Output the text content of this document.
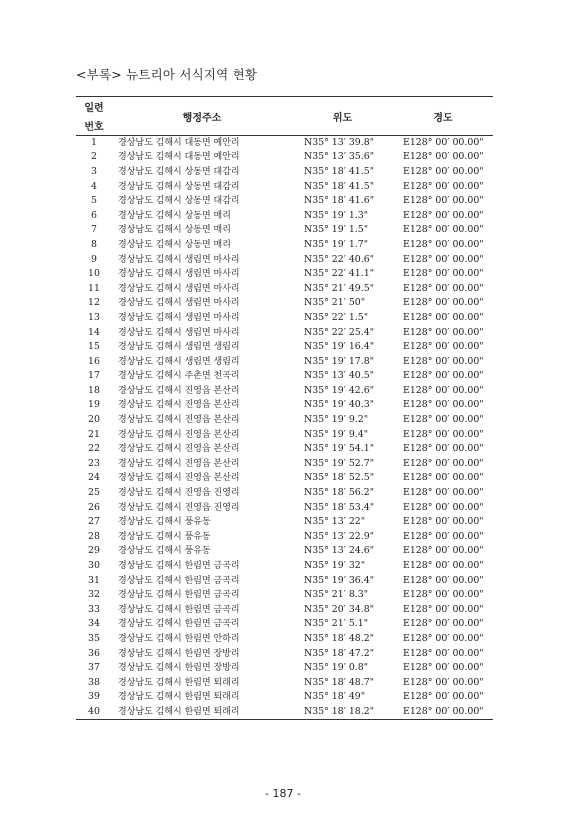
<부록> 뉴트리아 서식지역 현황
일련	행정주소	위도	경도
번호			
1	경상남도 김해시 대동면 예안리	N35° 13′ 39.8"	E128° 00′ 00.00"
2	경상남도 김해시 대동면 예안리	N35° 13′ 35.6"	E128° 00′ 00.00"
3	경상남도 김해시 상동면 대감리	N35° 18′ 41.5"	E128° 00′ 00.00"
4	경상남도 김해시 상동면 대감리	N35° 18′ 41.5"	E128° 00′ 00.00"
5	경상남도 김해시 상동면 대감리	N35° 18′ 41.6"	E128° 00′ 00.00"
6	경상남도 김해시 상동면 매리	N35° 19′ 1.3"	E128° 00′ 00.00"
7	경상남도 김해시 상동면 매리	N35° 19′ 1.5"	E128° 00′ 00.00"
8	경상남도 김해시 상동면 매리	N35° 19′ 1.7"	E128° 00′ 00.00"
9	경상남도 김해시 생림면 마사리	N35° 22′ 40.6"	E128° 00′ 00.00"
10	경상남도 김해시 생림면 마사리	N35° 22′ 41.1"	E128° 00′ 00.00"
11	경상남도 김해시 생림면 마사리	N35° 21′ 49.5"	E128° 00′ 00.00"
12	경상남도 김해시 생림면 마사리	N35° 21′ 50"	E128° 00′ 00.00"
13	경상남도 김해시 생림면 마사리	N35° 22′ 1.5"	E128° 00′ 00.00"
14	경상남도 김해시 생림면 마사리	N35° 22′ 25.4"	E128° 00′ 00.00"
15	경상남도 김해시 생림면 생림리	N35° 19′ 16.4"	E128° 00′ 00.00"
16	경상남도 김해시 생림면 생림리	N35° 19′ 17.8"	E128° 00′ 00.00"
17	경상남도 김해시 주촌면 천곡리	N35° 13′ 40.5"	E128° 00′ 00.00"
18	경상남도 김해시 진영읍 본산리	N35° 19′ 42.6"	E128° 00′ 00.00"
19	경상남도 김해시 진영읍 본산리	N35° 19′ 40.3"	E128° 00′ 00.00"
20	경상남도 김해시 진영읍 본산리	N35° 19′ 9.2"	E128° 00′ 00.00"
21	경상남도 김해시 진영읍 본산리	N35° 19′ 9.4"	E128° 00′ 00.00"
22	경상남도 김해시 진영읍 본산리	N35° 19′ 54.1"	E128° 00′ 00.00"
23	경상남도 김해시 진영읍 본산리	N35° 19′ 52.7"	E128° 00′ 00.00"
24	경상남도 김해시 진영읍 본산리	N35° 18′ 52.5"	E128° 00′ 00.00"
25	경상남도 김해시 진영읍 진영리	N35° 18′ 56.2"	E128° 00′ 00.00"
26	경상남도 김해시 진영읍 진영리	N35° 18′ 53.4"	E128° 00′ 00.00"
27	경상남도 김해시 풍유동	N35° 13′ 22"	E128° 00′ 00.00"
28	경상남도 김해시 풍유동	N35° 13′ 22.9"	E128° 00′ 00.00"
29	경상남도 김해시 풍유동	N35° 13′ 24.6"	E128° 00′ 00.00"
30	경상남도 김해시 한림면 금곡리	N35° 19′ 32"	E128° 00′ 00.00"
31	경상남도 김해시 한림면 금곡리	N35° 19′ 36.4"	E128° 00′ 00.00"
32	경상남도 김해시 한림면 금곡리	N35° 21′ 8.3"	E128° 00′ 00.00"
33	경상남도 김해시 한림면 금곡리	N35° 20′ 34.8"	E128° 00′ 00.00"
34	경상남도 김해시 한림면 금곡리	N35° 21′ 5.1"	E128° 00′ 00.00"
35	경상남도 김해시 한림면 안하리	N35° 18′ 48.2"	E128° 00′ 00.00"
36	경상남도 김해시 한림면 장방리	N35° 18′ 47.2"	E128° 00′ 00.00"
37	경상남도 김해시 한림면 장방리	N35° 19′ 0.8"	E128° 00′ 00.00"
38	경상남도 김해시 한림면 퇴래리	N35° 18′ 48.7"	E128° 00′ 00.00"
39	경상남도 김해시 한림면 퇴래리	N35° 18′ 49"	E128° 00′ 00.00"
40	경상남도 김해시 한림면 퇴래리	N35° 18′ 18.2"	E128° 00′ 00.00"
- 187 -
